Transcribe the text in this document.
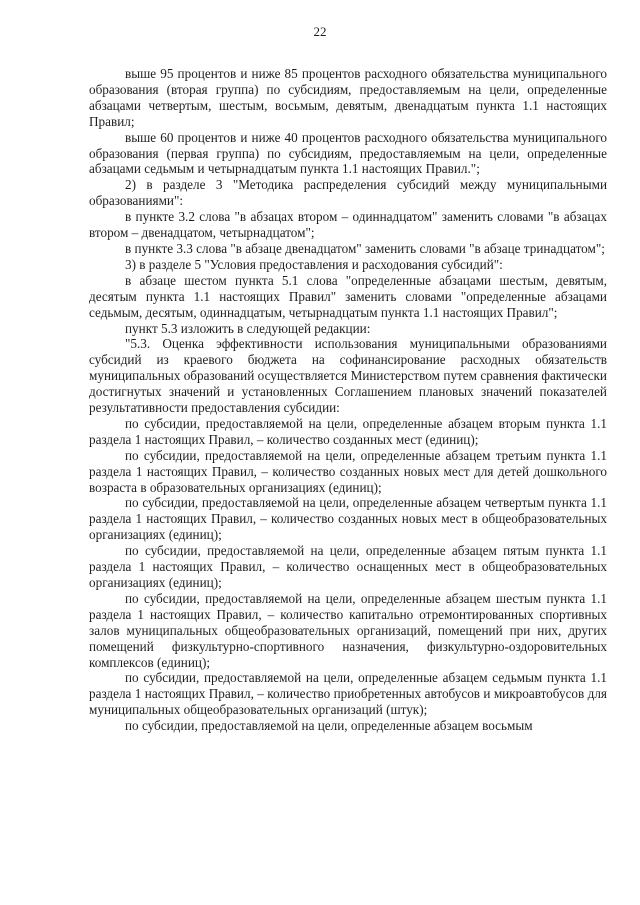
22

выше 95 процентов и ниже 85 процентов расходного обязательства муниципального образования (вторая группа) по субсидиям, предоставляемым на цели, определенные абзацами четвертым, шестым, восьмым, девятым, двенадцатым пункта 1.1 настоящих Правил;

выше 60 процентов и ниже 40 процентов расходного обязательства муниципального образования (первая группа) по субсидиям, предоставляемым на цели, определенные абзацами седьмым и четырнадцатым пункта 1.1 настоящих Правил.";

2) в разделе 3 "Методика распределения субсидий между муниципальными образованиями":

в пункте 3.2 слова "в абзацах втором – одиннадцатом" заменить словами "в абзацах втором – двенадцатом, четырнадцатом";

в пункте 3.3 слова "в абзаце двенадцатом" заменить словами "в абзаце тринадцатом";

3) в разделе 5 "Условия предоставления и расходования субсидий":

в абзаце шестом пункта 5.1 слова "определенные абзацами шестым, девятым, десятым пункта 1.1 настоящих Правил" заменить словами "определенные абзацами седьмым, десятым, одиннадцатым, четырнадцатым пункта 1.1 настоящих Правил";

пункт 5.3 изложить в следующей редакции:

"5.3. Оценка эффективности использования муниципальными образованиями субсидий из краевого бюджета на софинансирование расходных обязательств муниципальных образований осуществляется Министерством путем сравнения фактически достигнутых значений и установленных Соглашением плановых значений показателей результативности предоставления субсидии:

по субсидии, предоставляемой на цели, определенные абзацем вторым пункта 1.1 раздела 1 настоящих Правил, – количество созданных мест (единиц);

по субсидии, предоставляемой на цели, определенные абзацем третьим пункта 1.1 раздела 1 настоящих Правил, – количество созданных новых мест для детей дошкольного возраста в образовательных организациях (единиц);

по субсидии, предоставляемой на цели, определенные абзацем четвертым пункта 1.1 раздела 1 настоящих Правил, – количество созданных новых мест в общеобразовательных организациях (единиц);

по субсидии, предоставляемой на цели, определенные абзацем пятым пункта 1.1 раздела 1 настоящих Правил, – количество оснащенных мест в общеобразовательных организациях (единиц);

по субсидии, предоставляемой на цели, определенные абзацем шестым пункта 1.1 раздела 1 настоящих Правил, – количество капитально отремонтированных спортивных залов муниципальных общеобразовательных организаций, помещений при них, других помещений физкультурно-спортивного назначения, физкультурно-оздоровительных комплексов (единиц);

по субсидии, предоставляемой на цели, определенные абзацем седьмым пункта 1.1 раздела 1 настоящих Правил, – количество приобретенных автобусов и микроавтобусов для муниципальных общеобразовательных организаций (штук);

по субсидии, предоставляемой на цели, определенные абзацем восьмым
